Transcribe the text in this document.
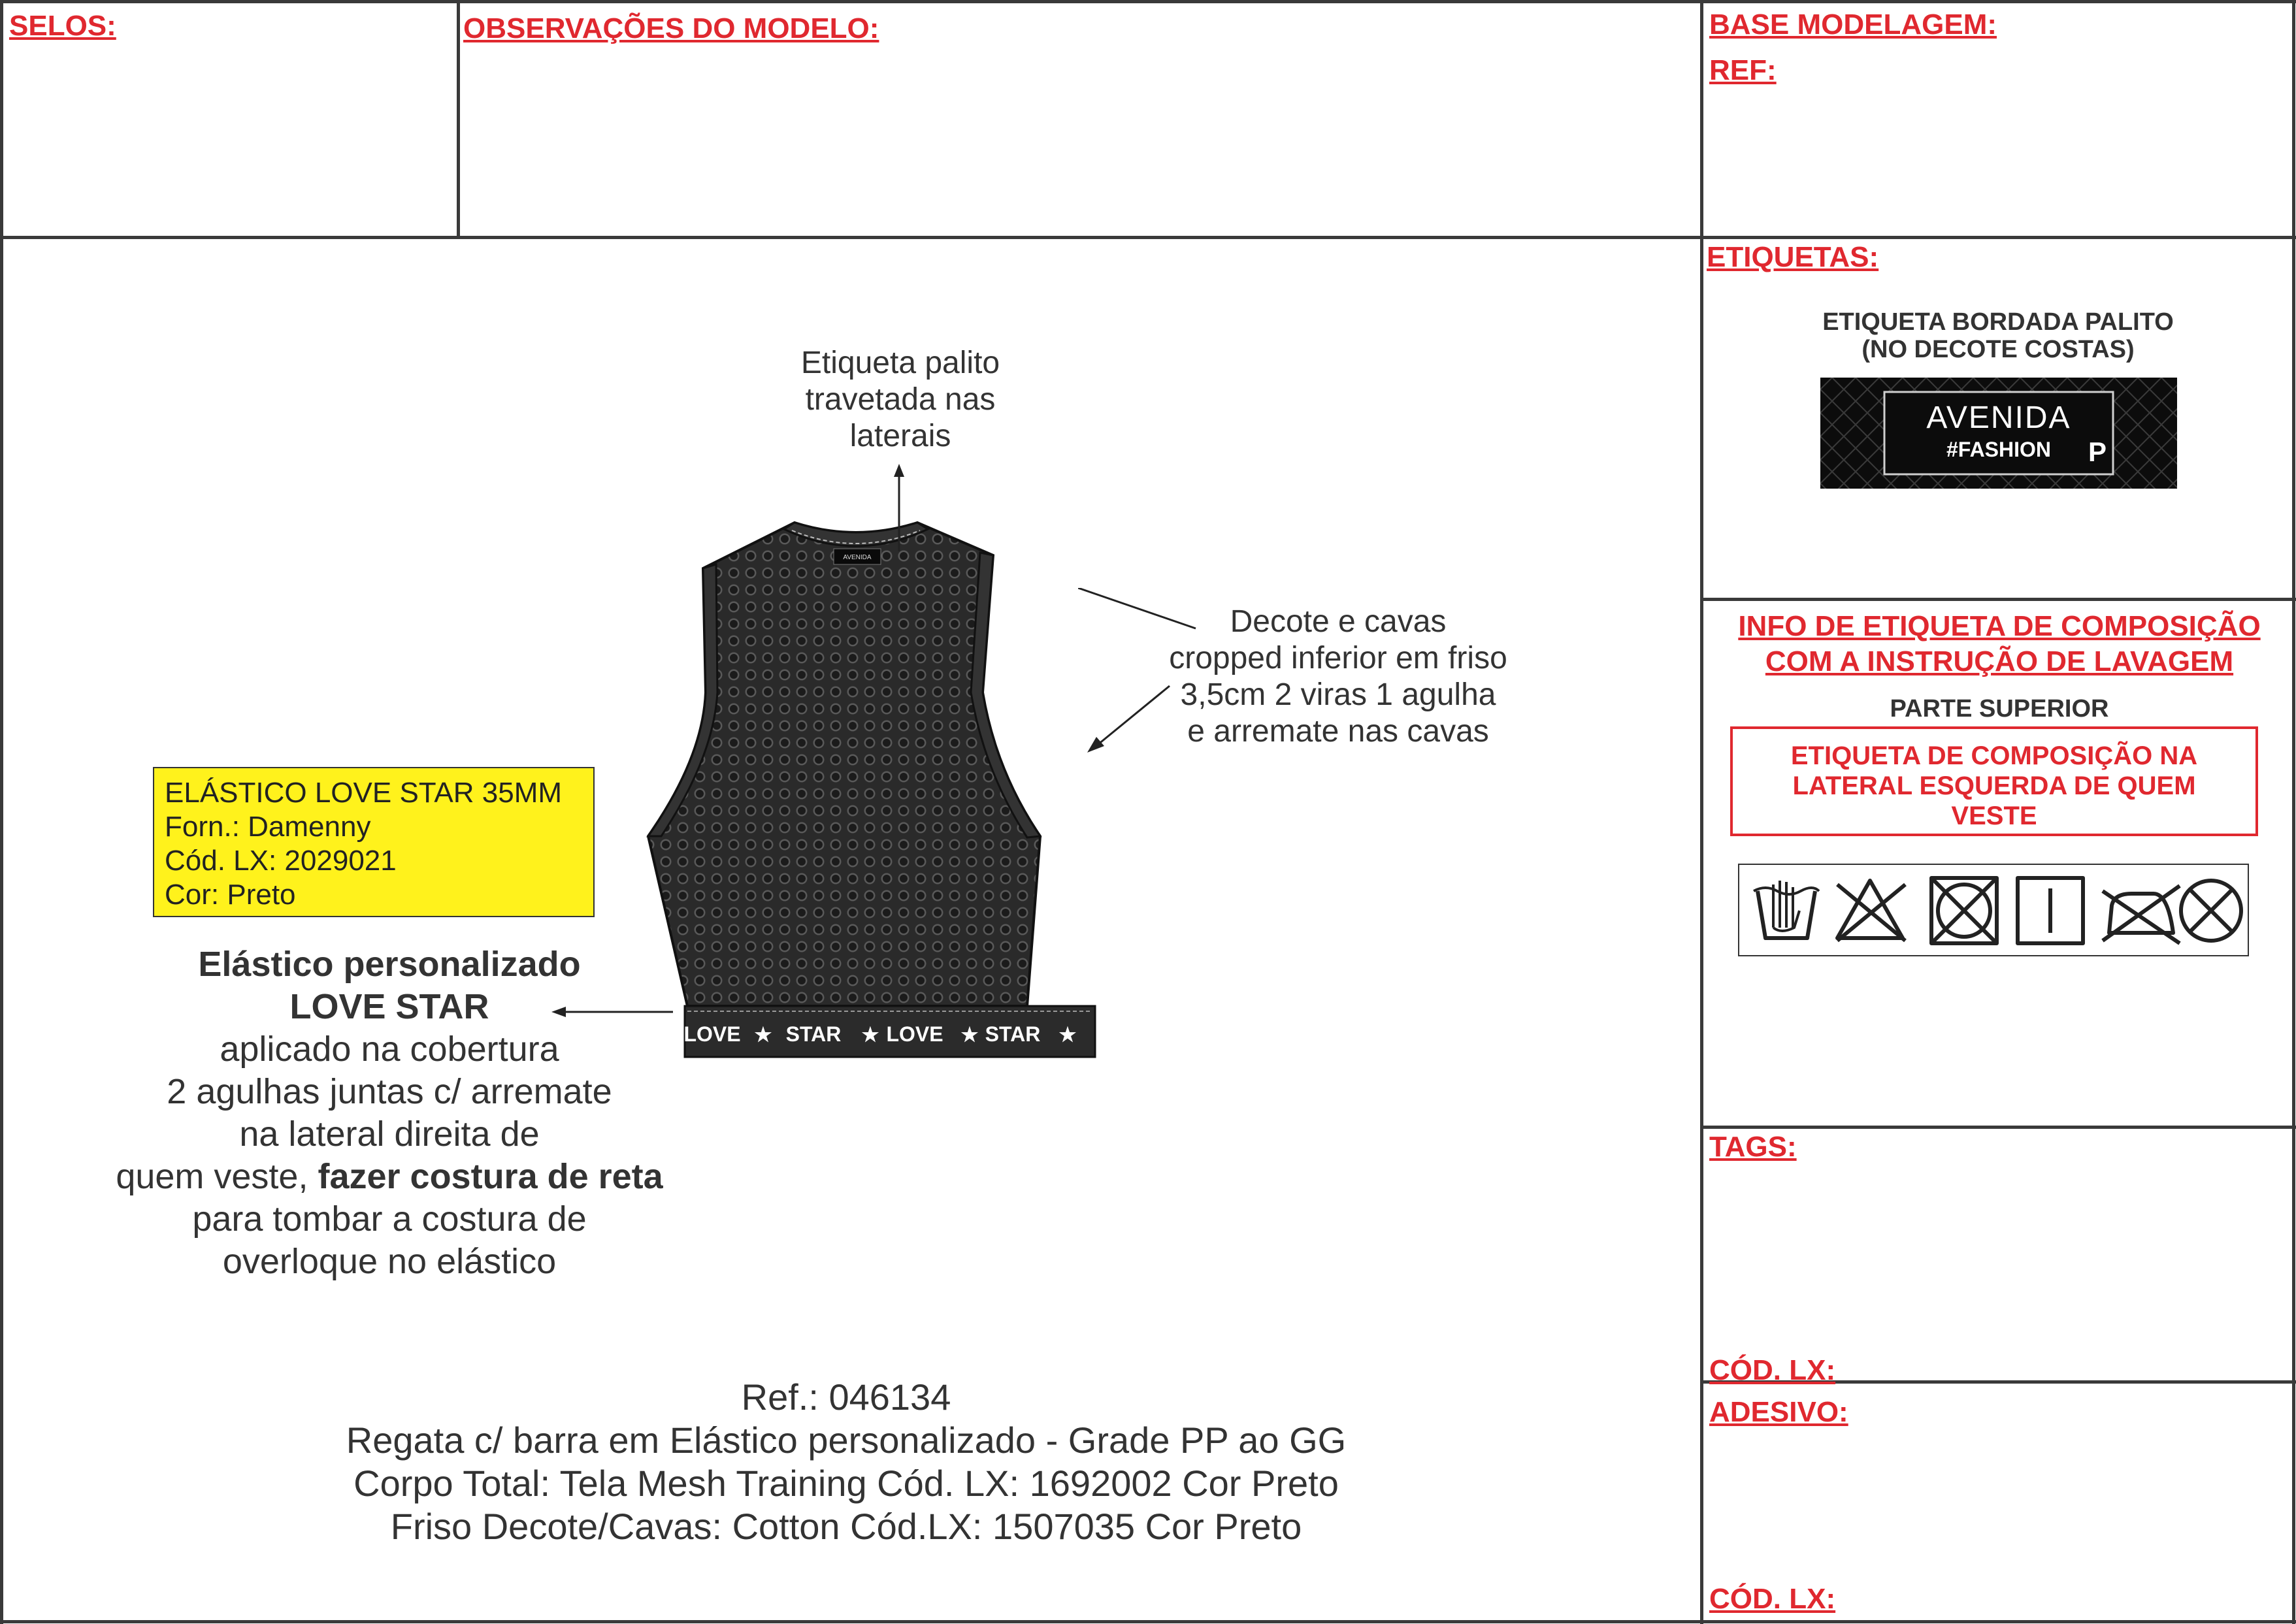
SELOS:	OBSERVAÇÕES DO MODELO:	BASE MODELAGEM:
REF:
ETIQUETAS:
ETIQUETA BORDADA PALITO
(NO DECOTE COSTAS)
AVENIDA
#FASHION	P
INFO DE ETIQUETA DE COMPOSIÇÃO
COM A INSTRUÇÃO DE LAVAGEM
PARTE SUPERIOR
ETIQUETA DE COMPOSIÇÃO NA
LATERAL ESQUERDA DE QUEM
VESTE
TAGS:
CÓD. LX:
ADESIVO:
CÓD. LX:
AVENIDA
LOVE ★ STAR ★ LOVE ★ STAR ★
Etiqueta palito
travetada nas
laterais
Decote e cavas
cropped inferior em friso
3,5cm 2 viras 1 agulha
e arremate nas cavas
ELÁSTICO LOVE STAR 35MM
Forn.: Damenny
Cód. LX: 2029021
Cor: Preto
Elástico personalizado
LOVE STAR
aplicado na cobertura
2 agulhas juntas c/ arremate
na lateral direita de
quem veste, fazer costura de reta
para tombar a costura de
overloque no elástico
Ref.: 046134
Regata c/ barra em Elástico personalizado - Grade PP ao GG
Corpo Total: Tela Mesh Training Cód. LX: 1692002 Cor Preto
Friso Decote/Cavas: Cotton Cód.LX: 1507035 Cor Preto
